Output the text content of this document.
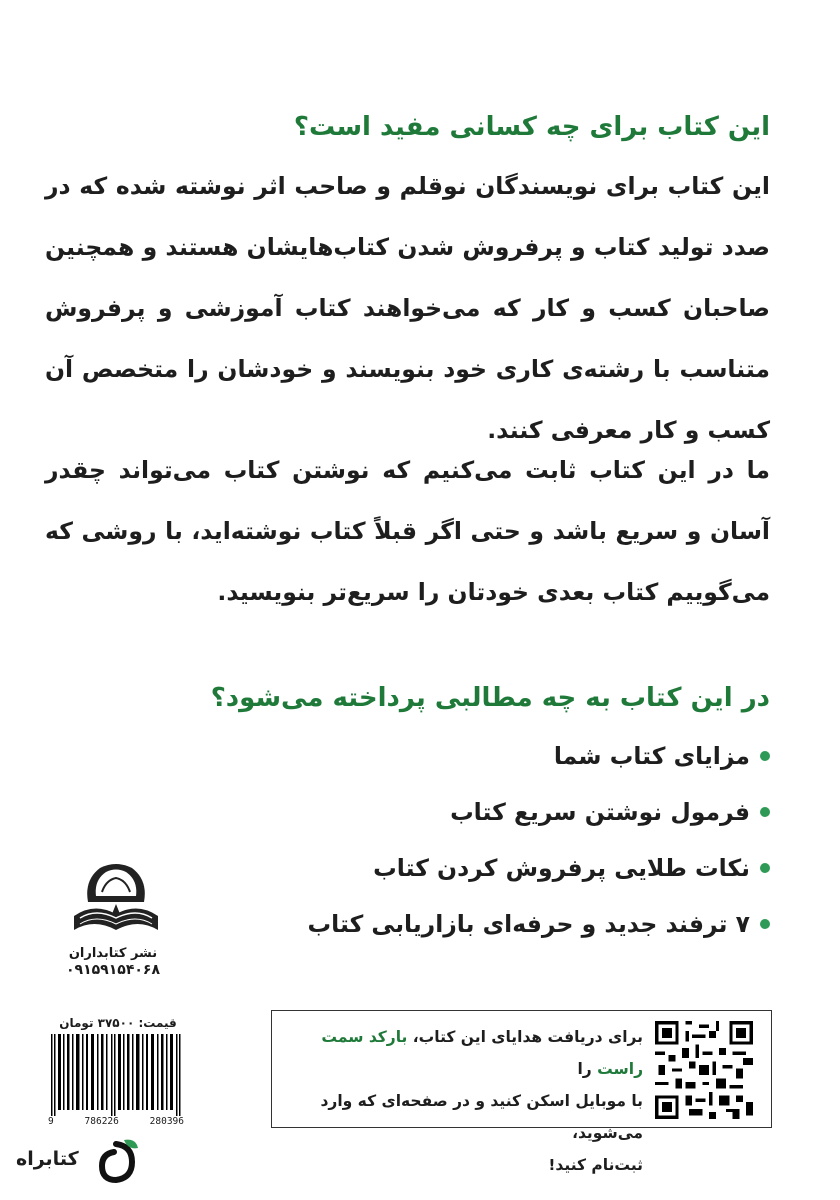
این کتاب برای چه کسانی مفید است؟
این کتاب برای نویسندگان نوقلم و صاحب اثر نوشته شده که در صدد تولید کتاب و پرفروش شدن کتاب‌هایشان هستند و همچنین صاحبان کسب و کار که می‌خواهند کتاب آموزشی و پرفروش متناسب با رشته‌ی کاری خود بنویسند و خودشان را متخصص آن کسب و کار معرفی کنند.
ما در این کتاب ثابت می‌کنیم که نوشتن کتاب می‌تواند چقدر آسان و سریع باشد و حتی اگر قبلاً کتاب نوشته‌اید، با روشی که می‌گوییم کتاب بعدی خودتان را سریع‌تر بنویسید.
در این کتاب به چه مطالبی پرداخته می‌شود؟
مزایای کتاب شما
فرمول نوشتن سریع کتاب
نکات طلایی پرفروش کردن کتاب
۷ ترفند جدید و حرفه‌ای بازاریابی کتاب
نشر کتابداران
۰۹۱۵۹۱۵۴۰۶۸
قیمت: ۳۷۵۰۰ تومان
9	786226	280396
برای دریافت هدایای این کتاب، بارکد سمت راست را
با موبایل اسکن کنید و در صفحه‌ای که وارد می‌شوید،
ثبت‌نام کنید!
کتابراه
